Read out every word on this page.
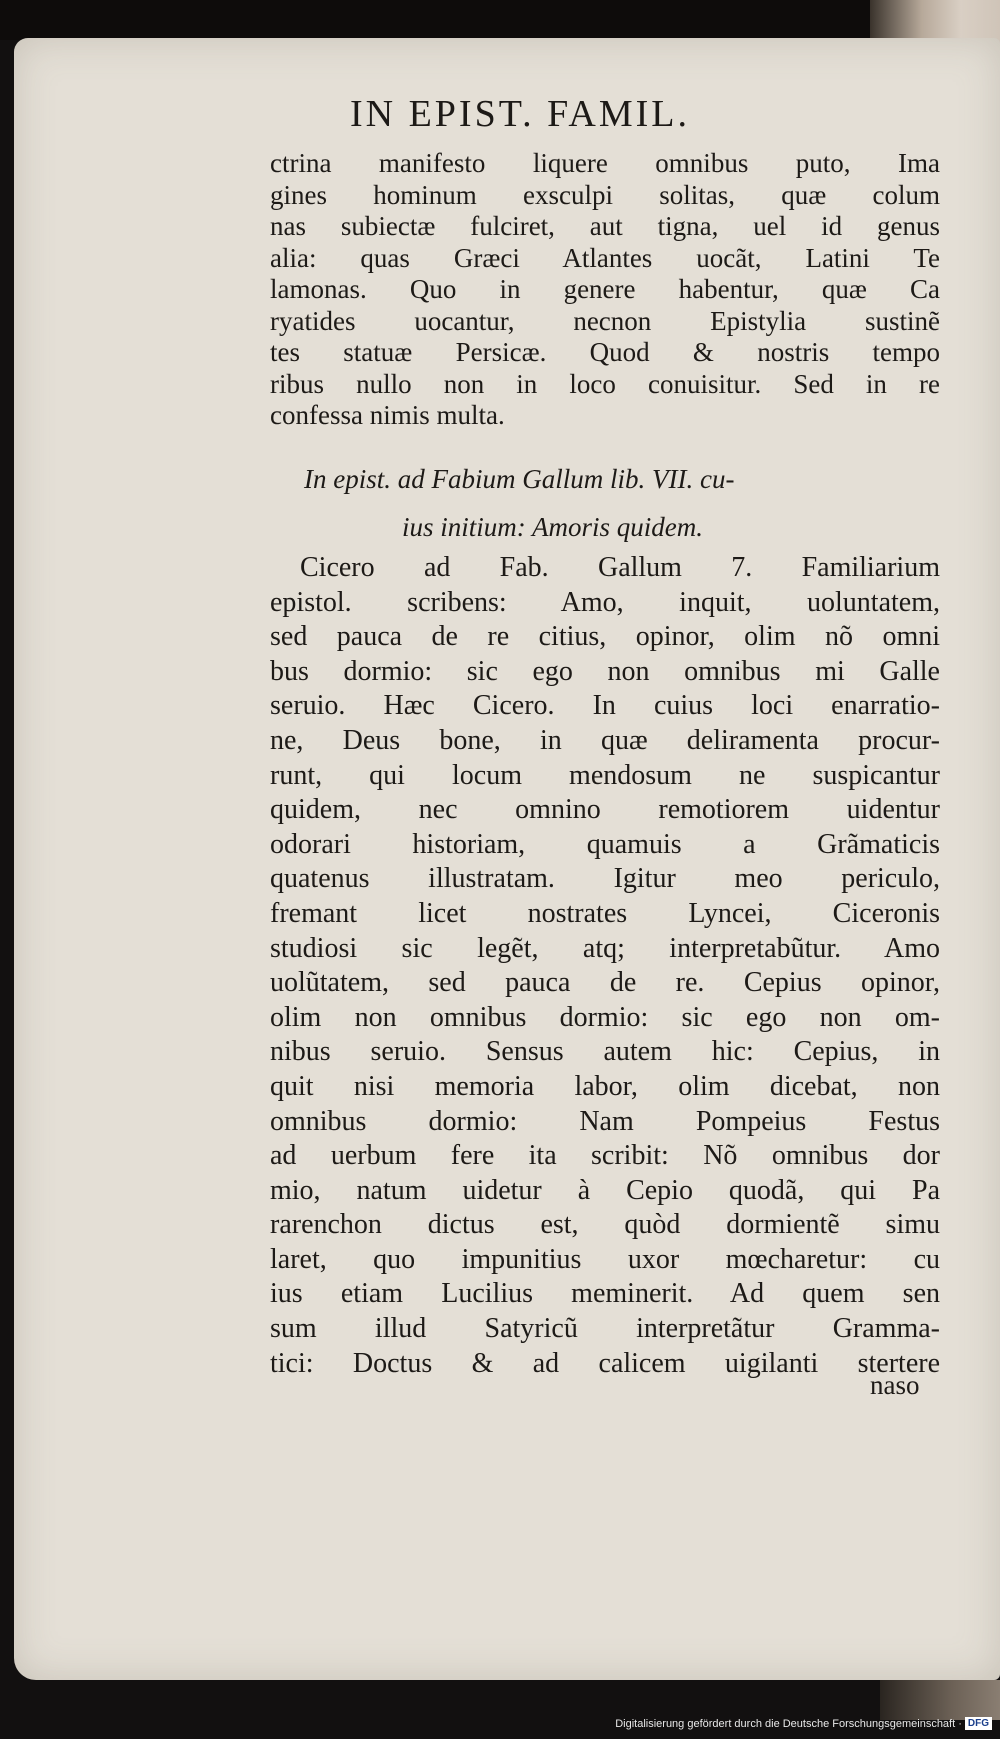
IN EPIST. FAMIL.
ctrina manifesto liquere omnibus puto, Ima
gines hominum exsculpi solitas, quæ colum
nas subiectæ fulciret, aut tigna, uel id genus
alia: quas Græci Atlantes uocãt, Latini Te
lamonas. Quo in genere habentur, quæ Ca
ryatides uocantur, necnon Epistylia sustinẽ
tes statuæ Persicæ. Quod & nostris tempo
ribus nullo non in loco conuisitur. Sed in re
confessa nimis multa.
In epist. ad Fabium Gallum lib. VII. cu-
ius initium: Amoris quidem.
Cicero ad Fab. Gallum 7. Familiarium
epistol. scribens: Amo, inquit, uoluntatem,
sed pauca de re citius, opinor, olim nõ omni
bus dormio: sic ego non omnibus mi Galle
seruio. Hæc Cicero. In cuius loci enarratio-
ne, Deus bone, in quæ deliramenta procur-
runt, qui locum mendosum ne suspicantur
quidem, nec omnino remotiorem uidentur
odorari historiam, quamuis a Grãmaticis
quatenus illustratam. Igitur meo periculo,
fremant licet nostrates Lyncei, Ciceronis
studiosi sic legẽt, atq; interpretabũtur. Amo
uolũtatem, sed pauca de re. Cepius opinor,
olim non omnibus dormio: sic ego non om-
nibus seruio. Sensus autem hic: Cepius, in
quit nisi memoria labor, olim dicebat, non
omnibus dormio: Nam Pompeius Festus
ad uerbum fere ita scribit: Nõ omnibus dor
mio, natum uidetur à Cepio quodã, qui Pa
rarenchon dictus est, quòd dormientẽ simu
laret, quo impunitius uxor mœcharetur: cu
ius etiam Lucilius meminerit. Ad quem sen
sum illud Satyricũ interpretãtur Gramma-
tici: Doctus & ad calicem uigilanti stertere
naso
Digitalisierung gefördert durch die Deutsche Forschungsgemeinschaft · DFG
